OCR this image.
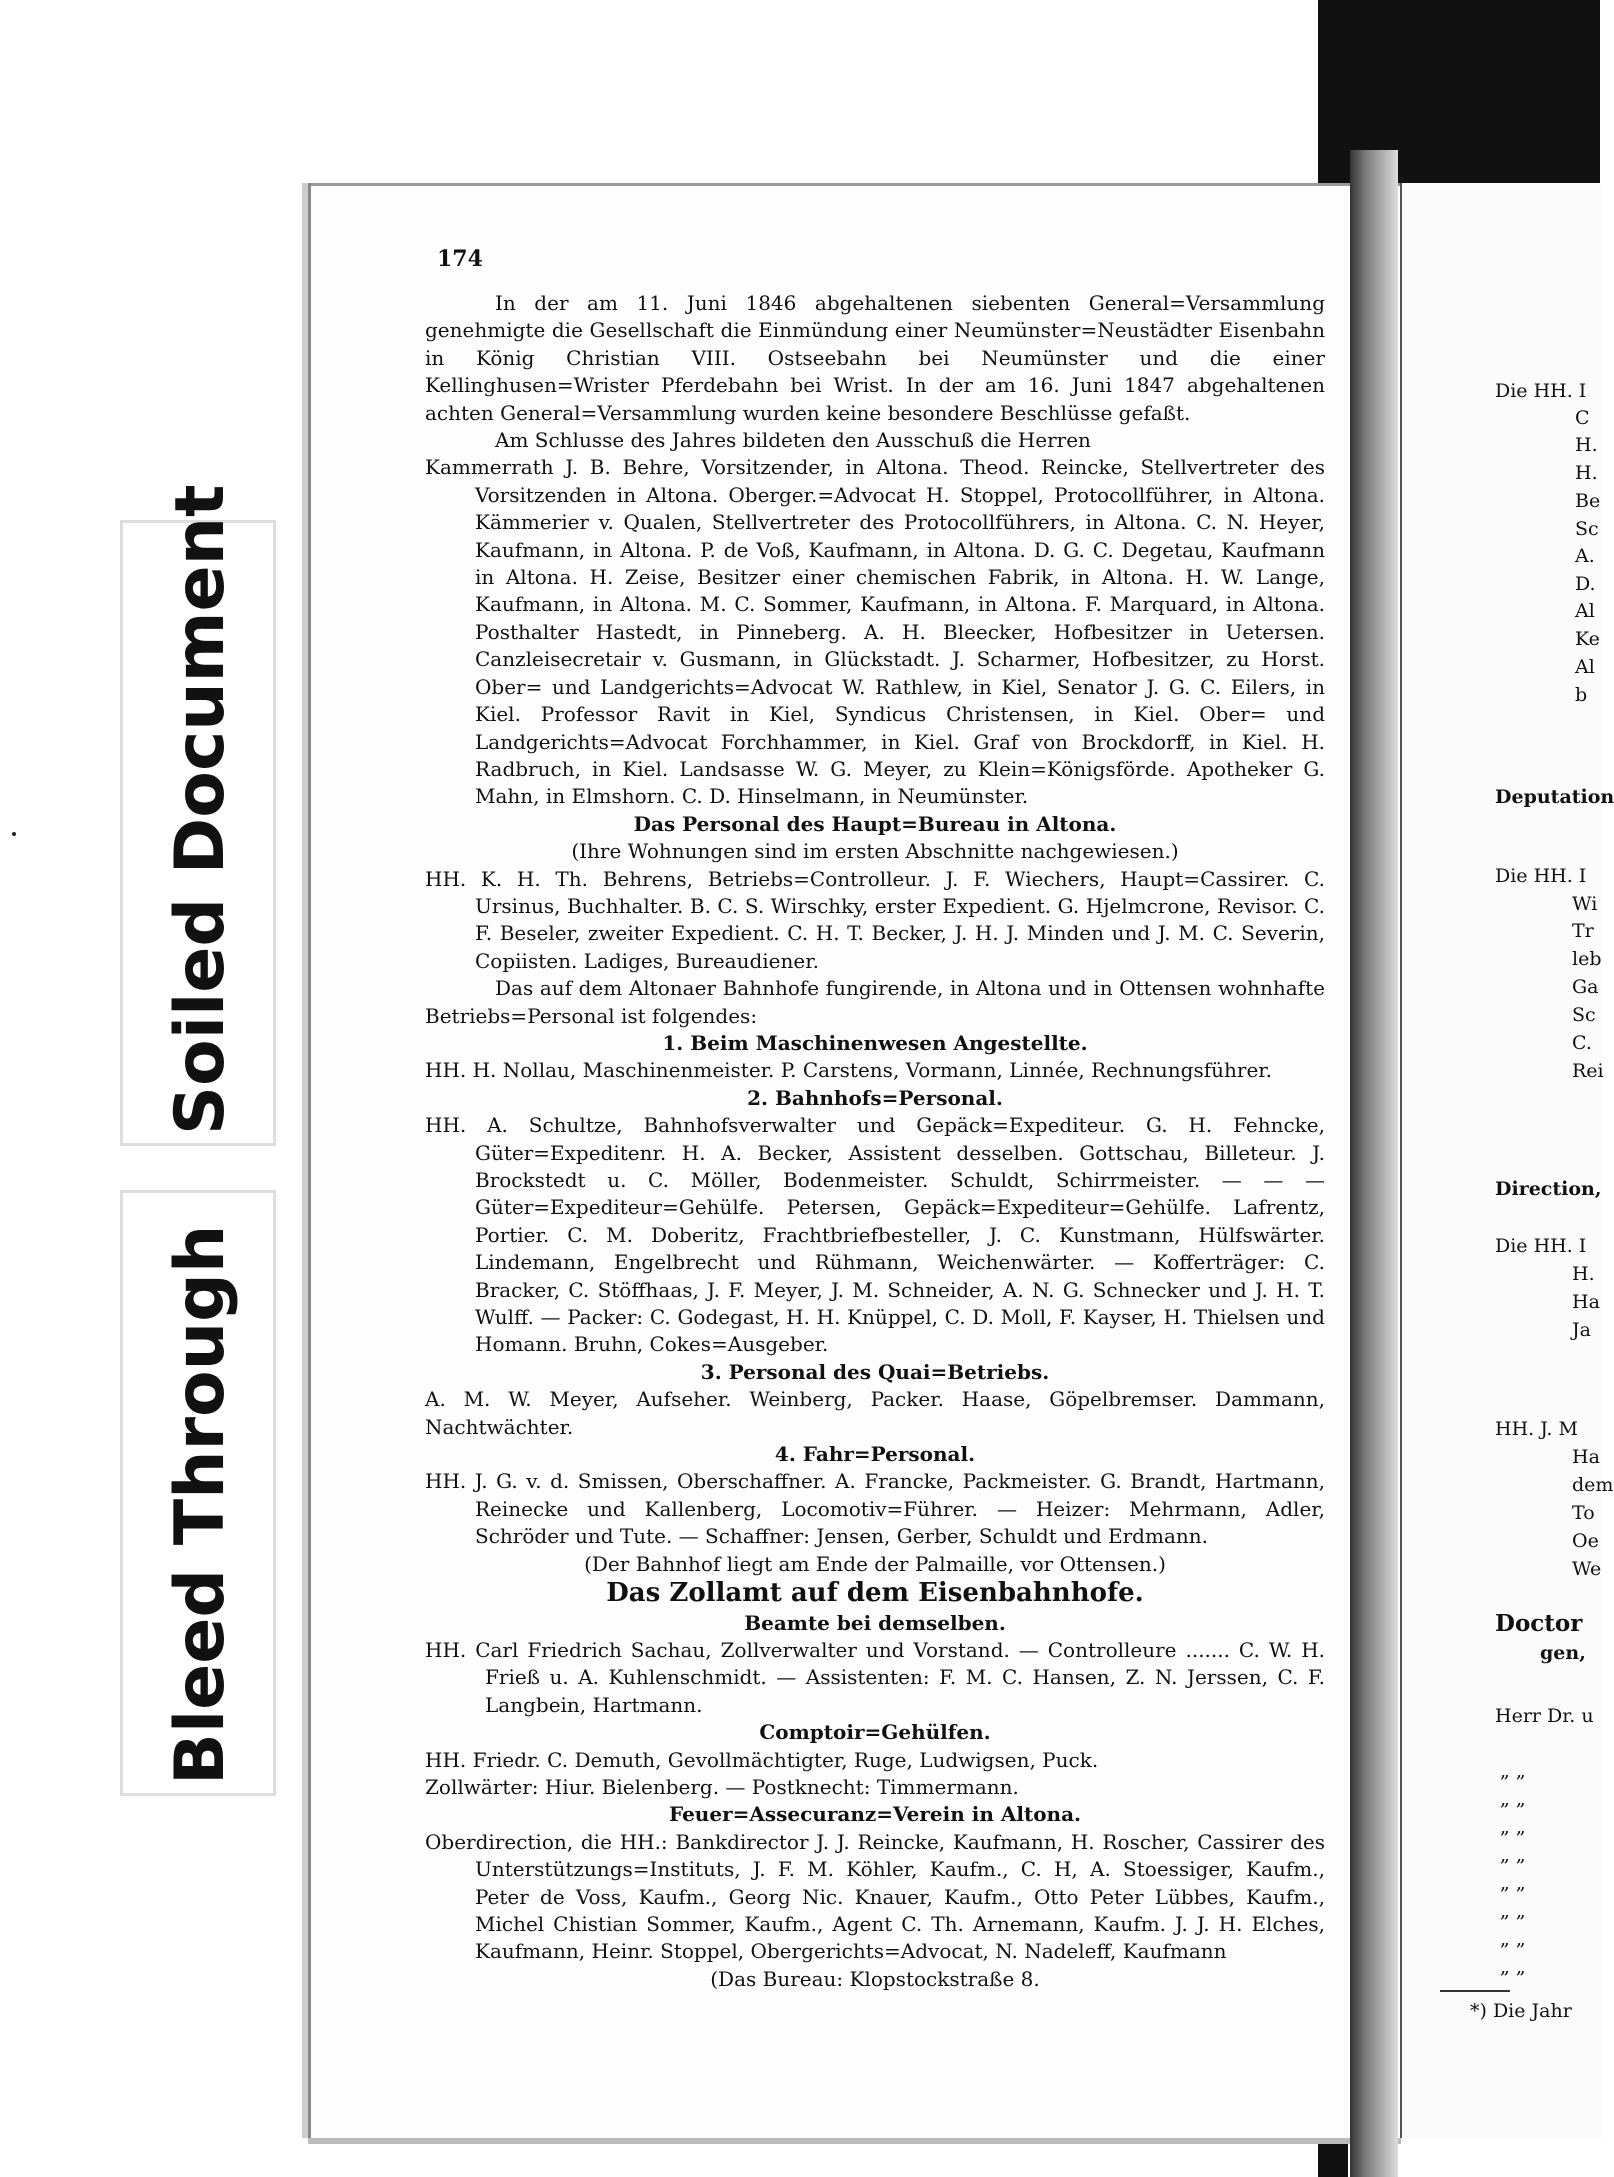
Soiled Document
Bleed Through
174

In der am 11. Juni 1846 abgehaltenen siebenten General=Versammlung genehmigte die Gesellschaft die Einmündung einer Neumünster=Neustädter Eisenbahn in König Christian VIII. Ostseebahn bei Neumünster und die einer Kellinghusen=Wrister Pferdebahn bei Wrist. In der am 16. Juni 1847 abgehaltenen achten General=Versammlung wurden keine besondere Beschlüsse gefaßt.

Am Schlusse des Jahres bildeten den Ausschuß die Herren

Kammerrath J. B. Behre, Vorsitzender, in Altona. Theod. Reincke, Stellvertreter des Vorsitzenden in Altona. Oberger.=Advocat H. Stoppel, Protocollführer, in Altona. Kämmerier v. Qualen, Stellvertreter des Protocollführers, in Altona. C. N. Heyer, Kaufmann, in Altona. P. de Voß, Kaufmann, in Altona. D. G. C. Degetau, Kaufmann in Altona. H. Zeise, Besitzer einer chemischen Fabrik, in Altona. H. W. Lange, Kaufmann, in Altona. M. C. Sommer, Kaufmann, in Altona. F. Marquard, in Altona. Posthalter Hastedt, in Pinneberg. A. H. Bleecker, Hofbesitzer in Uetersen. Canzleisecretair v. Gusmann, in Glückstadt. J. Scharmer, Hofbesitzer, zu Horst. Ober= und Landgerichts=Advocat W. Rathlew, in Kiel, Senator J. G. C. Eilers, in Kiel. Professor Ravit in Kiel, Syndicus Christensen, in Kiel. Ober= und Landgerichts=Advocat Forchhammer, in Kiel. Graf von Brockdorff, in Kiel. H. Radbruch, in Kiel. Landsasse W. G. Meyer, zu Klein=Königsförde. Apotheker G. Mahn, in Elmshorn. C. D. Hinselmann, in Neumünster.

Das Personal des Haupt=Bureau in Altona.

(Ihre Wohnungen sind im ersten Abschnitte nachgewiesen.)

HH. K. H. Th. Behrens, Betriebs=Controlleur. J. F. Wiechers, Haupt=Cassirer. C. Ursinus, Buchhalter. B. C. S. Wirschky, erster Expedient. G. Hjelmcrone, Revisor. C. F. Beseler, zweiter Expedient. C. H. T. Becker, J. H. J. Minden und J. M. C. Severin, Copiisten. Ladiges, Bureaudiener.

Das auf dem Altonaer Bahnhofe fungirende, in Altona und in Ottensen wohnhafte Betriebs=Personal ist folgendes:

1. Beim Maschinenwesen Angestellte.

HH. H. Nollau, Maschinenmeister. P. Carstens, Vormann, Linnée, Rechnungsführer.

2. Bahnhofs=Personal.

HH. A. Schultze, Bahnhofsverwalter und Gepäck=Expediteur. G. H. Fehncke, Güter=Expeditenr. H. A. Becker, Assistent desselben. Gottschau, Billeteur. J. Brockstedt u. C. Möller, Bodenmeister. Schuldt, Schirrmeister. — — — Güter=Expediteur=Gehülfe. Petersen, Gepäck=Expediteur=Gehülfe. Lafrentz, Portier. C. M. Doberitz, Frachtbriefbesteller, J. C. Kunstmann, Hülfswärter. Lindemann, Engelbrecht und Rühmann, Weichenwärter. — Kofferträger: C. Bracker, C. Stöffhaas, J. F. Meyer, J. M. Schneider, A. N. G. Schnecker und J. H. T. Wulff. — Packer: C. Godegast, H. H. Knüppel, C. D. Moll, F. Kayser, H. Thielsen und Homann. Bruhn, Cokes=Ausgeber.

3. Personal des Quai=Betriebs.

A. M. W. Meyer, Aufseher. Weinberg, Packer. Haase, Göpelbremser. Dammann, Nachtwächter.

4. Fahr=Personal.

HH. J. G. v. d. Smissen, Oberschaffner. A. Francke, Packmeister. G. Brandt, Hartmann, Reinecke und Kallenberg, Locomotiv=Führer. — Heizer: Mehrmann, Adler, Schröder und Tute. — Schaffner: Jensen, Gerber, Schuldt und Erdmann.

(Der Bahnhof liegt am Ende der Palmaille, vor Ottensen.)

Das Zollamt auf dem Eisenbahnhofe.

Beamte bei demselben.

HH. Carl Friedrich Sachau, Zollverwalter und Vorstand. — Controlleure ....... C. W. H. Frieß u. A. Kuhlenschmidt. — Assistenten: F. M. C. Hansen, Z. N. Jerssen, C. F. Langbein, Hartmann.

Comptoir=Gehülfen.

HH. Friedr. C. Demuth, Gevollmächtigter, Ruge, Ludwigsen, Puck.

Zollwärter: Hiur. Bielenberg. — Postknecht: Timmermann.

Feuer=Assecuranz=Verein in Altona.

Oberdirection, die HH.: Bankdirector J. J. Reincke, Kaufmann, H. Roscher, Cassirer des Unterstützungs=Instituts, J. F. M. Köhler, Kaufm., C. H, A. Stoessiger, Kaufm., Peter de Voss, Kaufm., Georg Nic. Knauer, Kaufm., Otto Peter Lübbes, Kaufm., Michel Chistian Sommer, Kaufm., Agent C. Th. Arnemann, Kaufm. J. J. H. Elches, Kaufmann, Heinr. Stoppel, Obergerichts=Advocat, N. Nadeleff, Kaufmann

(Das Bureau: Klopstockstraße 8.

Die HH. I
C
H.
H.
Be
Sc
A.
D.
Al
Ke
Al
b
Deputation
Die HH. I
Wi
Tr
leb
Ga
Sc
C.
Rei
Direction,
Die HH. I
H.
Ha
Ja
HH. J. M
Ha
dem
To
Oe
We
Doctor
gen,
Herr Dr. u
„ „
„ „
„ „
„ „
„ „
„ „
„ „
„ „
*) Die Jahr
